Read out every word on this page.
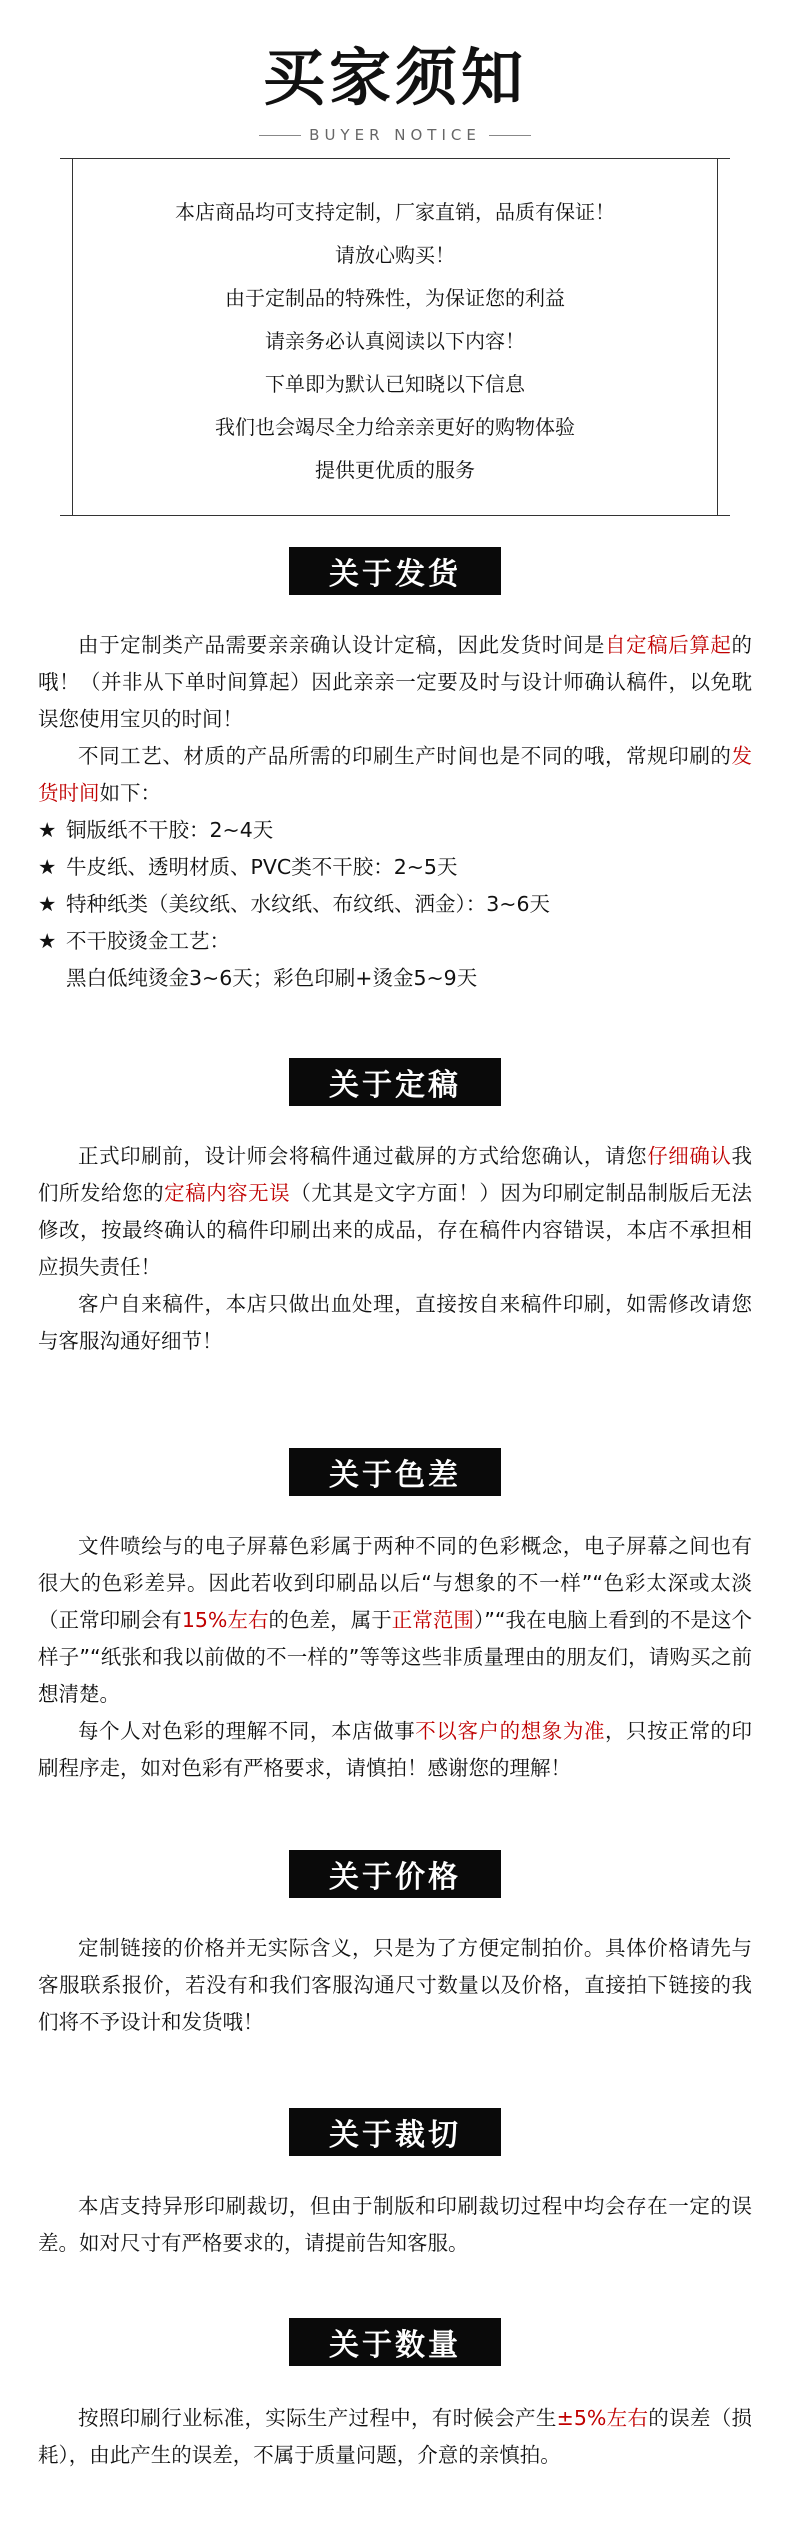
买家须知
BUYER NOTICE
本店商品均可支持定制，厂家直销，品质有保证！
请放心购买！
由于定制品的特殊性，为保证您的利益
请亲务必认真阅读以下内容！
下单即为默认已知晓以下信息
我们也会竭尽全力给亲亲更好的购物体验
提供更优质的服务
关于发货

由于定制类产品需要亲亲确认设计定稿，因此发货时间是自定稿后算起的哦！（并非从下单时间算起）因此亲亲一定要及时与设计师确认稿件，以免耽误您使用宝贝的时间！

不同工艺、材质的产品所需的印刷生产时间也是不同的哦，常规印刷的发货时间如下：

★ 铜版纸不干胶：2~4天

★ 牛皮纸、透明材质、PVC类不干胶：2~5天

★ 特种纸类（美纹纸、水纹纸、布纹纸、洒金）：3~6天

★ 不干胶烫金工艺：

黑白低纯烫金3~6天；彩色印刷+烫金5~9天

关于定稿

正式印刷前，设计师会将稿件通过截屏的方式给您确认，请您仔细确认我们所发给您的定稿内容无误（尤其是文字方面！）因为印刷定制品制版后无法修改，按最终确认的稿件印刷出来的成品，存在稿件内容错误，本店不承担相应损失责任！

客户自来稿件，本店只做出血处理，直接按自来稿件印刷，如需修改请您与客服沟通好细节！

关于色差

文件喷绘与的电子屏幕色彩属于两种不同的色彩概念，电子屏幕之间也有很大的色彩差异。因此若收到印刷品以后“与想象的不一样”“色彩太深或太淡（正常印刷会有15%左右的色差，属于正常范围）”“我在电脑上看到的不是这个样子”“纸张和我以前做的不一样的”等等这些非质量理由的朋友们，请购买之前想清楚。

每个人对色彩的理解不同，本店做事不以客户的想象为准，只按正常的印刷程序走，如对色彩有严格要求，请慎拍！感谢您的理解！

关于价格

定制链接的价格并无实际含义，只是为了方便定制拍价。具体价格请先与客服联系报价，若没有和我们客服沟通尺寸数量以及价格，直接拍下链接的我们将不予设计和发货哦！

关于裁切

本店支持异形印刷裁切，但由于制版和印刷裁切过程中均会存在一定的误差。如对尺寸有严格要求的，请提前告知客服。

关于数量

按照印刷行业标准，实际生产过程中，有时候会产生±5%左右的误差（损耗），由此产生的误差，不属于质量问题，介意的亲慎拍。
